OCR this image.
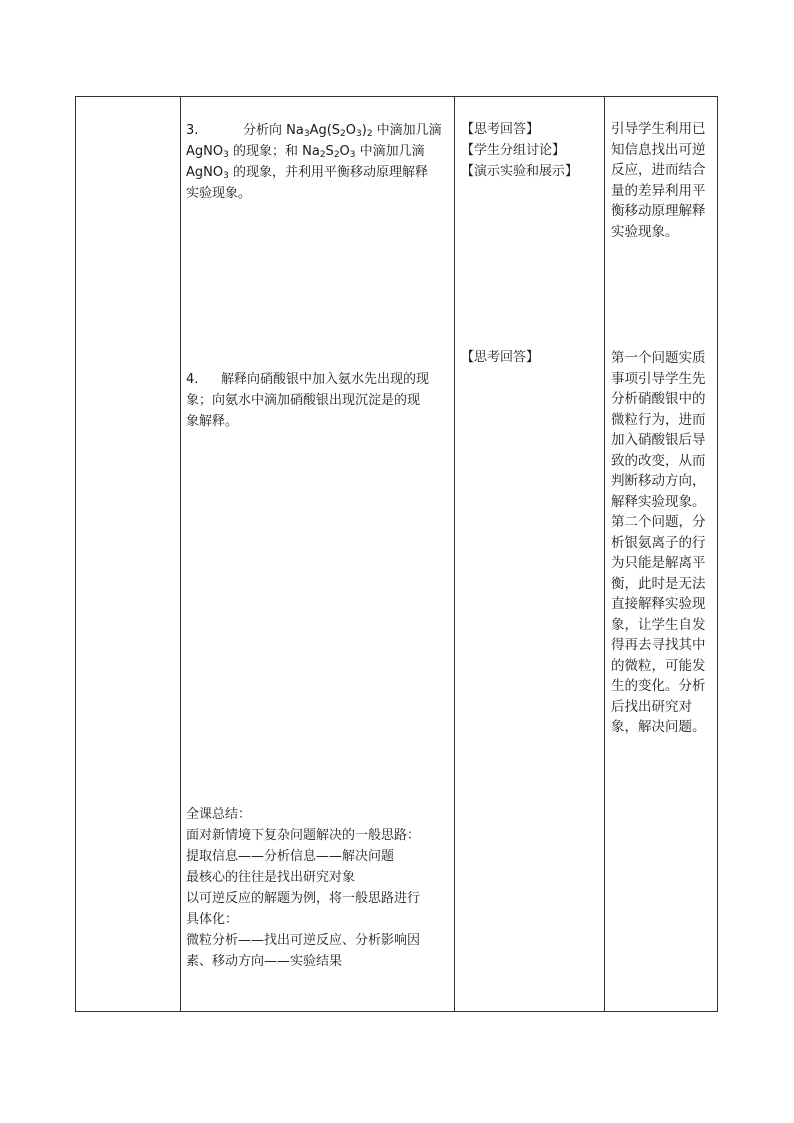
3.	分析向 $Na_3Ag(S_2O_3)_2$ 中滴加几滴
AgNO$_3$ 的现象；和 $Na_2S_2O_3$ 中滴加几滴
AgNO$_3$ 的现象，并利用平衡移动原理解释
实验现象。
【思考回答】
【学生分组讨论】
【演示实验和展示】
引导学生利用已知信息找出可逆反应，进而结合量的差异利用平衡移动原理解释实验现象。
【思考回答】
4. 解释向硝酸银中加入氨水先出现的现
象；向氨水中滴加硝酸银出现沉淀是的现
象解释。
第一个问题实质事项引导学生先分析硝酸银中的微粒行为，进而加入硝酸银后导致的改变，从而判断移动方向，解释实验现象。第二个问题，分析银氨离子的行为只能是解离平衡，此时是无法直接解释实验现象，让学生自发得再去寻找其中的微粒，可能发生的变化。分析后找出研究对象，解决问题。
全课总结：
面对新情境下复杂问题解决的一般思路：
提取信息——分析信息——解决问题
最核心的往往是找出研究对象
以可逆反应的解题为例，将一般思路进行
具体化：
微粒分析——找出可逆反应、分析影响因
素、移动方向——实验结果
